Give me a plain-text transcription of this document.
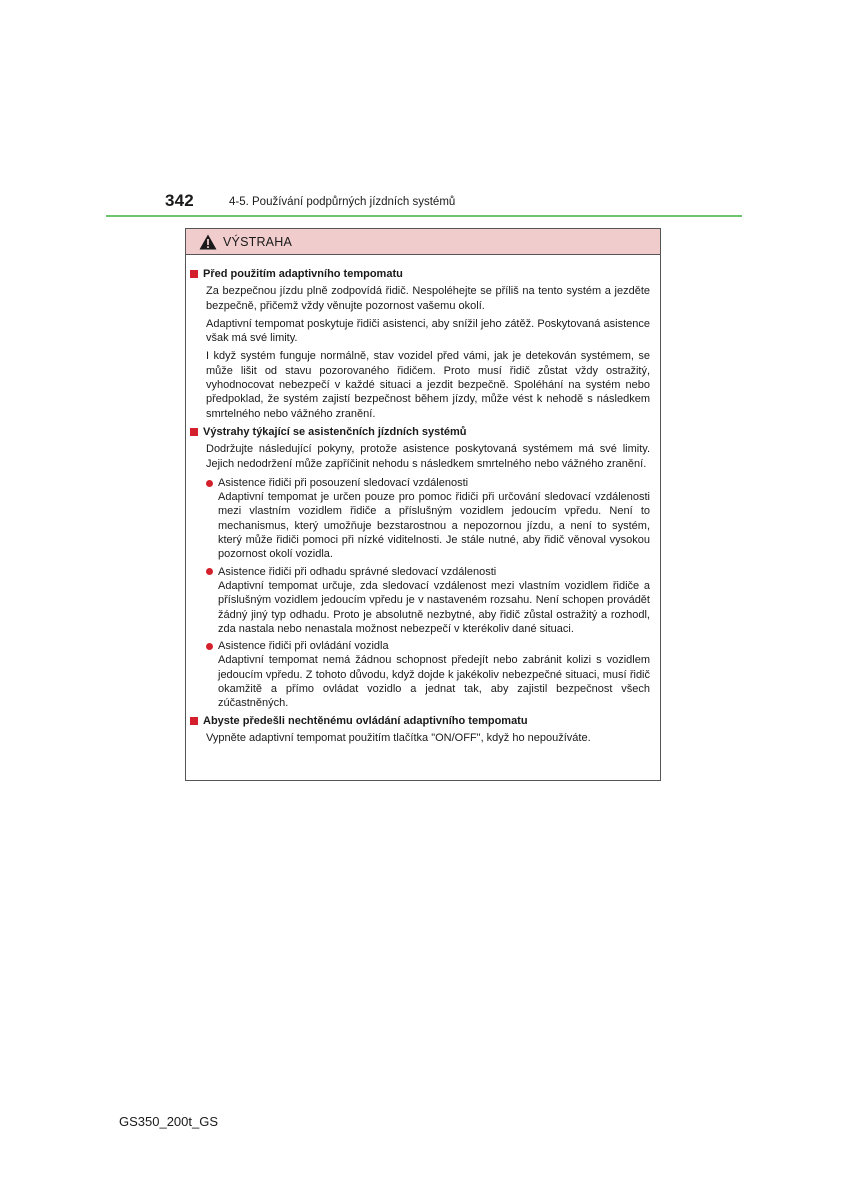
342	4-5. Používání podpůrných jízdních systémů
VÝSTRAHA
Před použitím adaptivního tempomatu
Za bezpečnou jízdu plně zodpovídá řidič. Nespoléhejte se příliš na tento systém a jezděte bezpečně, přičemž vždy věnujte pozornost vašemu okolí.
Adaptivní tempomat poskytuje řidiči asistenci, aby snížil jeho zátěž. Poskytovaná asistence však má své limity.
I když systém funguje normálně, stav vozidel před vámi, jak je detekován systémem, se může lišit od stavu pozorovaného řidičem. Proto musí řidič zůstat vždy ostražitý, vyhodnocovat nebezpečí v každé situaci a jezdit bezpečně. Spoléhání na systém nebo předpoklad, že systém zajistí bezpečnost během jízdy, může vést k nehodě s následkem smrtelného nebo vážného zranění.
Výstrahy týkající se asistenčních jízdních systémů
Dodržujte následující pokyny, protože asistence poskytovaná systémem má své limity. Jejich nedodržení může zapříčinit nehodu s následkem smrtelného nebo vážného zranění.
Asistence řidiči při posouzení sledovací vzdálenosti
Adaptivní tempomat je určen pouze pro pomoc řidiči při určování sledovací vzdálenosti mezi vlastním vozidlem řidiče a příslušným vozidlem jedoucím vpředu. Není to mechanismus, který umožňuje bezstarostnou a nepozornou jízdu, a není to systém, který může řidiči pomoci při nízké viditelnosti. Je stále nutné, aby řidič věnoval vysokou pozornost okolí vozidla.
Asistence řidiči při odhadu správné sledovací vzdálenosti
Adaptivní tempomat určuje, zda sledovací vzdálenost mezi vlastním vozidlem řidiče a příslušným vozidlem jedoucím vpředu je v nastaveném rozsahu. Není schopen provádět žádný jiný typ odhadu. Proto je absolutně nezbytné, aby řidič zůstal ostražitý a rozhodl, zda nastala nebo nenastala možnost nebezpečí v kterékoliv dané situaci.
Asistence řidiči při ovládání vozidla
Adaptivní tempomat nemá žádnou schopnost předejít nebo zabránit kolizi s vozidlem jedoucím vpředu. Z tohoto důvodu, když dojde k jakékoliv nebezpečné situaci, musí řidič okamžitě a přímo ovládat vozidlo a jednat tak, aby zajistil bezpečnost všech zúčastněných.
Abyste předešli nechtěnému ovládání adaptivního tempomatu
Vypněte adaptivní tempomat použitím tlačítka "ON/OFF", když ho nepoužíváte.
GS350_200t_GS
